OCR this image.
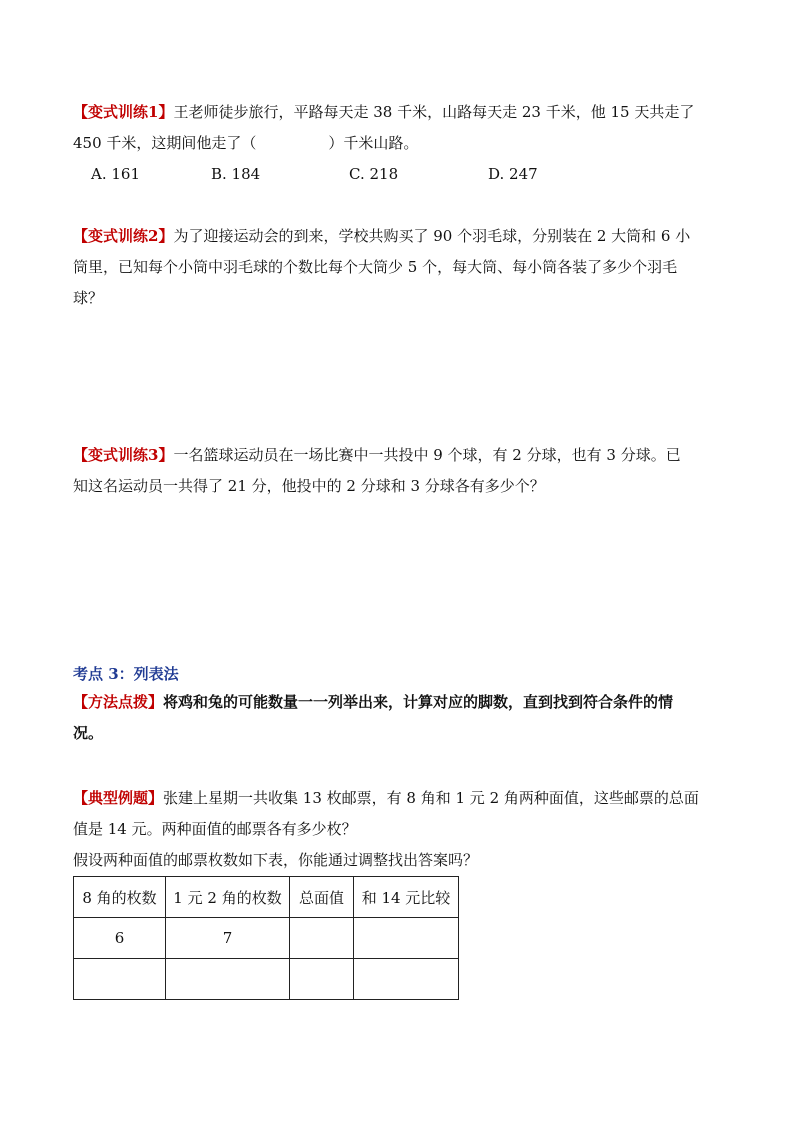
【变式训练1】王老师徒步旅行，平路每天走 38 千米，山路每天走 23 千米，他 15 天共走了
450 千米，这期间他走了（	）千米山路。
A. 161	B. 184	C. 218	D. 247
【变式训练2】为了迎接运动会的到来，学校共购买了 90 个羽毛球，分别装在 2 大筒和 6 小
筒里，已知每个小筒中羽毛球的个数比每个大筒少 5 个，每大筒、每小筒各装了多少个羽毛
球？
【变式训练3】一名篮球运动员在一场比赛中一共投中 9 个球，有 2 分球，也有 3 分球。已
知这名运动员一共得了 21 分，他投中的 2 分球和 3 分球各有多少个？
考点 3：列表法
【方法点拨】将鸡和兔的可能数量一一列举出来，计算对应的脚数，直到找到符合条件的情
况。
【典型例题】张建上星期一共收集 13 枚邮票，有 8 角和 1 元 2 角两种面值，这些邮票的总面
值是 14 元。两种面值的邮票各有多少枚？
假设两种面值的邮票枚数如下表，你能通过调整找出答案吗？
8 角的枚数	1 元 2 角的枚数	总面值	和 14 元比较
6	7		
